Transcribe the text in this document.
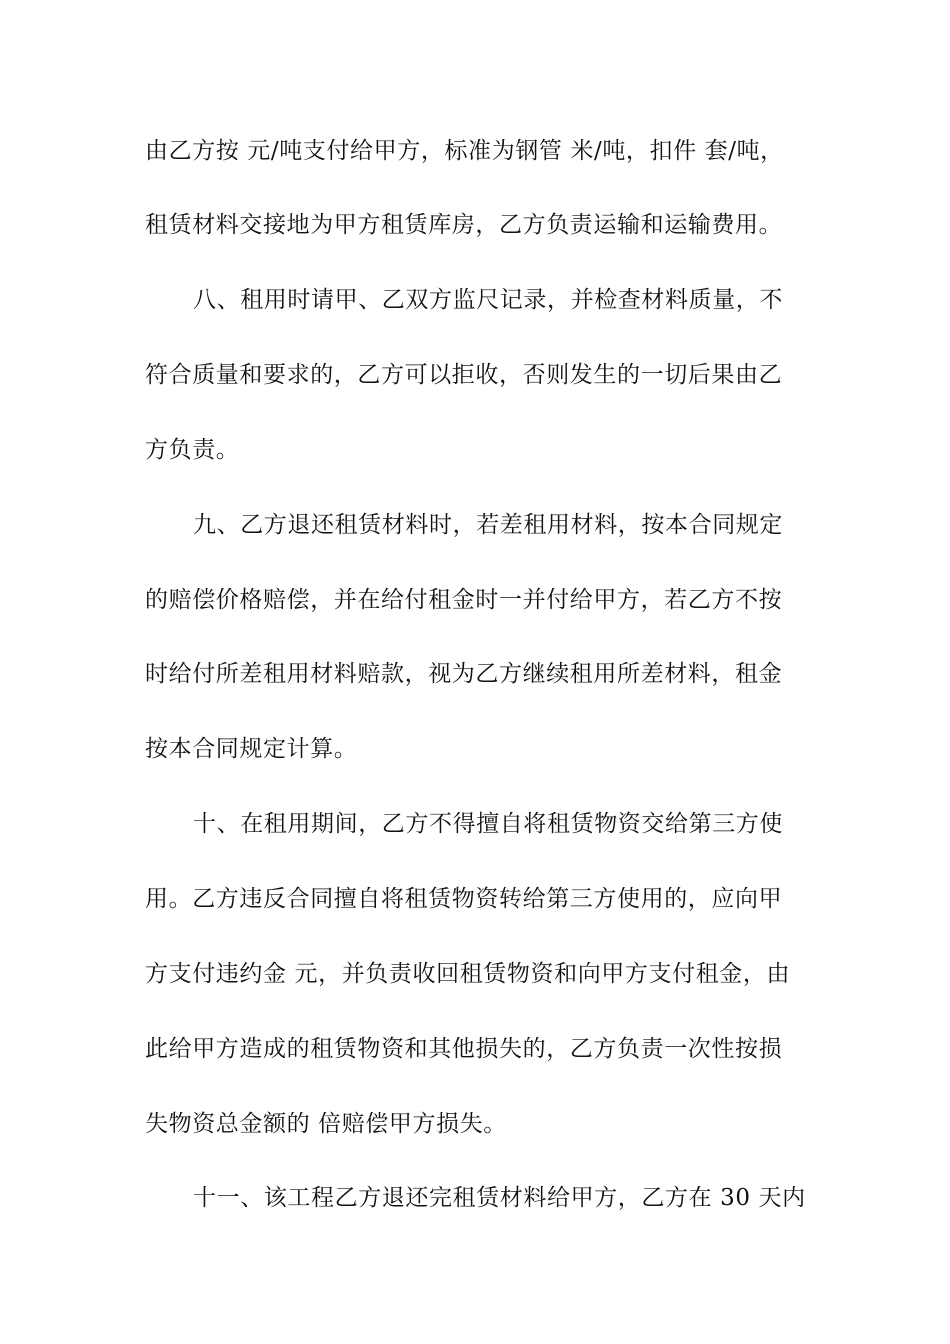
由乙方按 元/吨支付给甲方，标准为钢管 米/吨，扣件 套/吨，
租赁材料交接地为甲方租赁库房，乙方负责运输和运输费用。
八、租用时请甲、乙双方监尺记录，并检查材料质量，不
符合质量和要求的，乙方可以拒收，否则发生的一切后果由乙
方负责。
九、乙方退还租赁材料时，若差租用材料，按本合同规定
的赔偿价格赔偿，并在给付租金时一并付给甲方，若乙方不按
时给付所差租用材料赔款，视为乙方继续租用所差材料，租金
按本合同规定计算。
十、在租用期间，乙方不得擅自将租赁物资交给第三方使
用。乙方违反合同擅自将租赁物资转给第三方使用的，应向甲
方支付违约金 元，并负责收回租赁物资和向甲方支付租金，由
此给甲方造成的租赁物资和其他损失的，乙方负责一次性按损
失物资总金额的 倍赔偿甲方损失。
十一、该工程乙方退还完租赁材料给甲方，乙方在 30 天内
